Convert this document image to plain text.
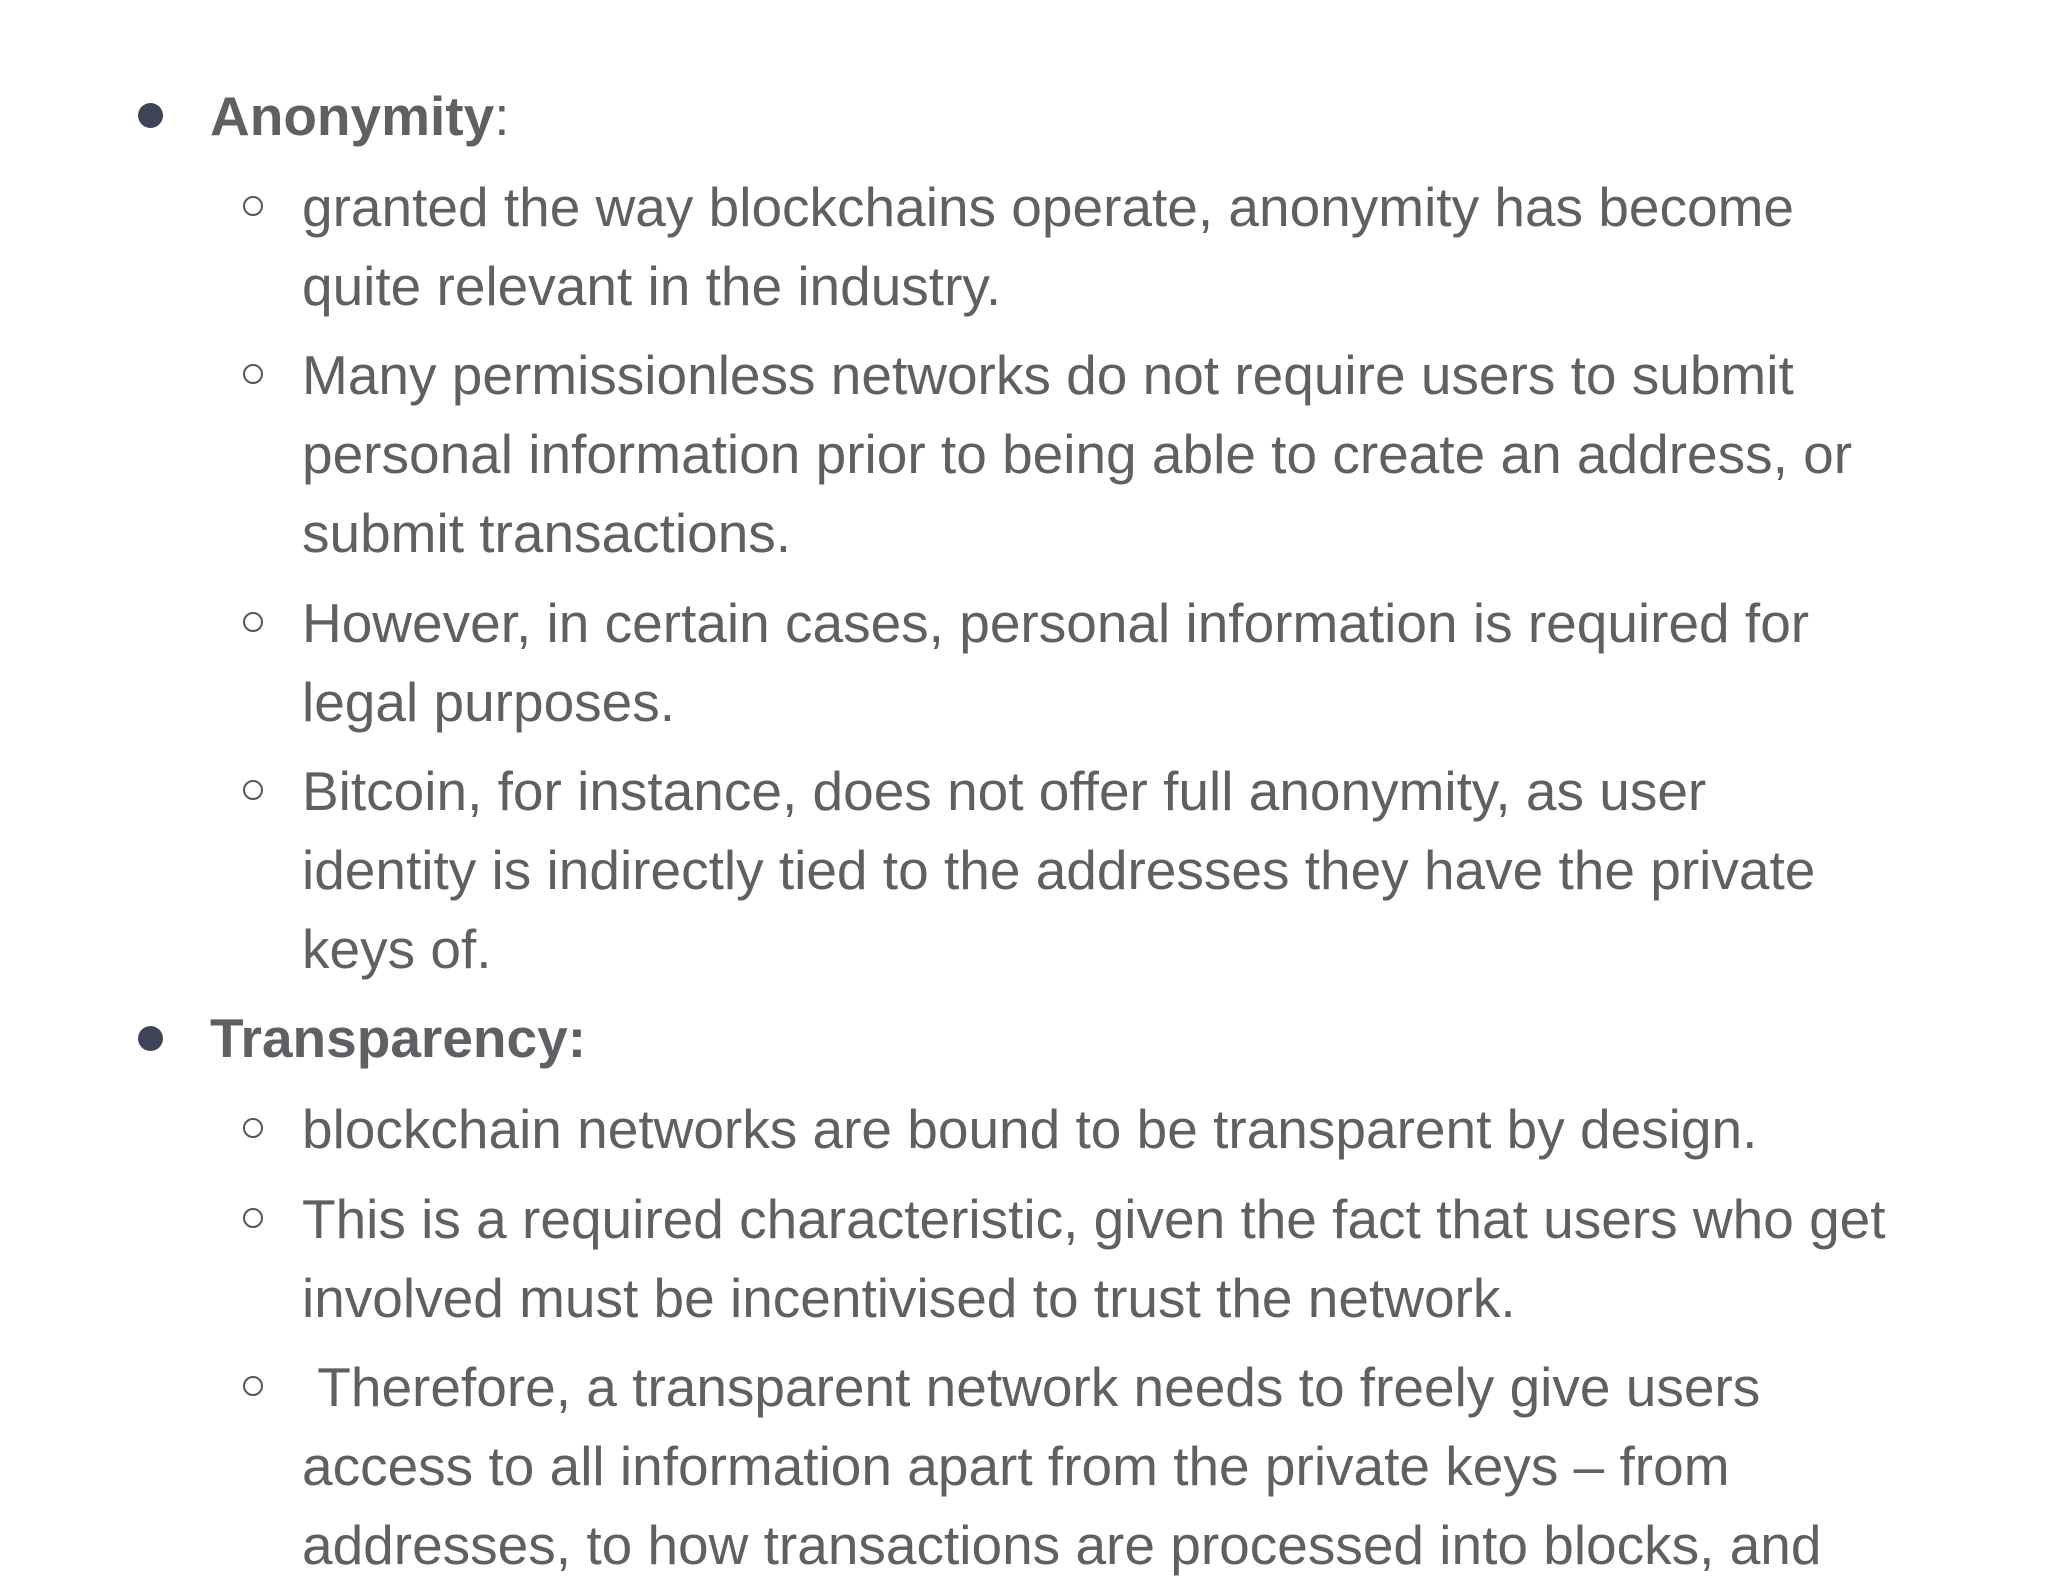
Anonymity:
granted the way blockchains operate, anonymity has become
quite relevant in the industry.
Many permissionless networks do not require users to submit
personal information prior to being able to create an address, or
submit transactions.
However, in certain cases, personal information is required for
legal purposes.
Bitcoin, for instance, does not offer full anonymity, as user
identity is indirectly tied to the addresses they have the private
keys of.
Transparency:
blockchain networks are bound to be transparent by design.
This is a required characteristic, given the fact that users who get
involved must be incentivised to trust the network.
Therefore, a transparent network needs to freely give users
access to all information apart from the private keys – from
addresses, to how transactions are processed into blocks, and
